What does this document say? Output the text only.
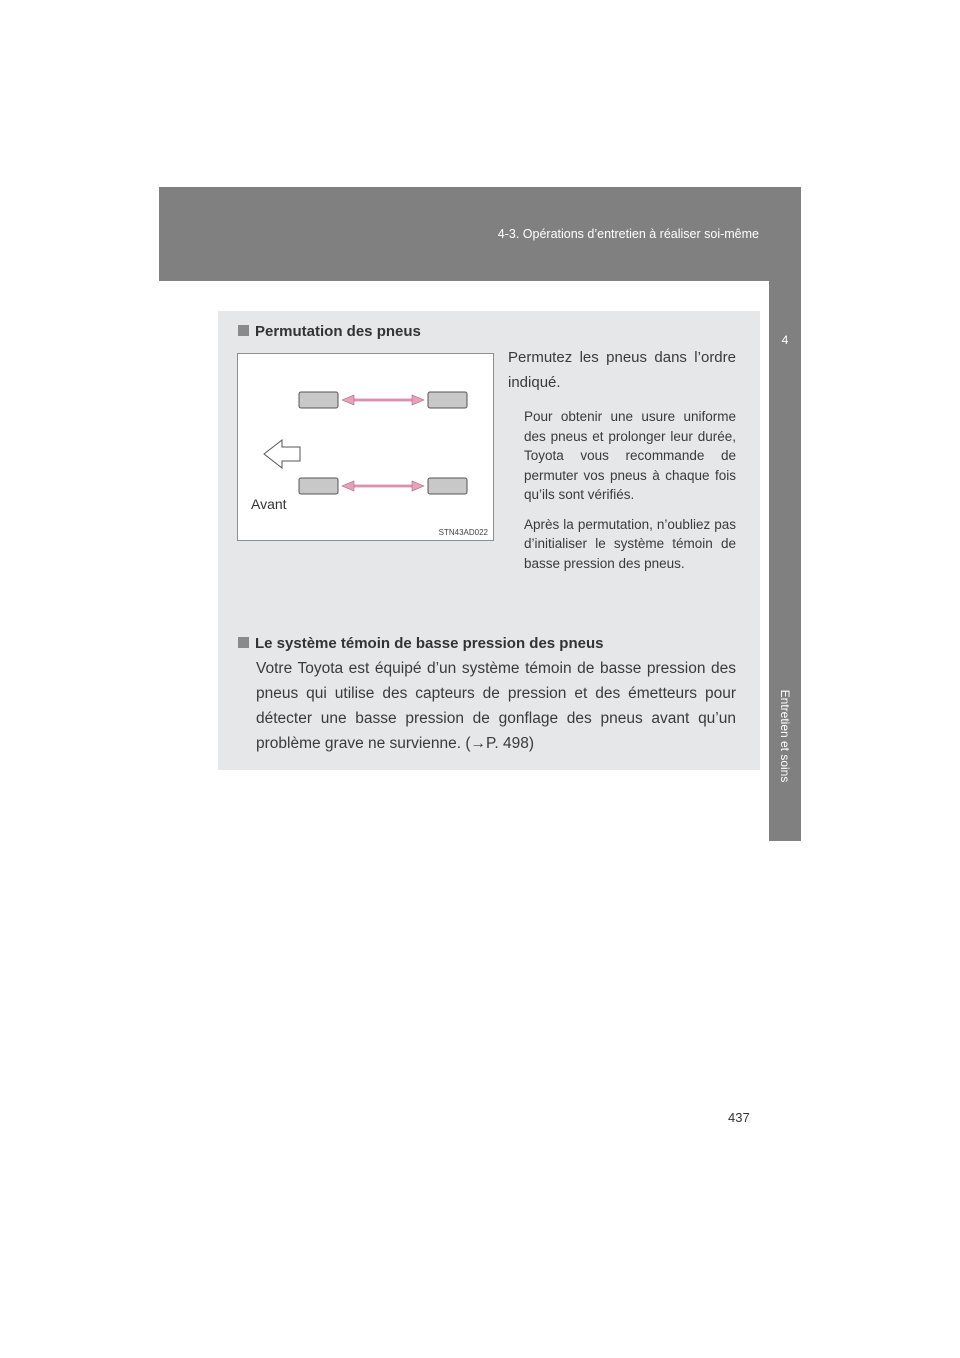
4-3. Opérations d’entretien à réaliser soi-même
4
Entretien et soins
Permutation des pneus
Avant
STN43AD022
Permutez les pneus dans l’ordre indiqué.

Pour obtenir une usure uniforme des pneus et prolonger leur durée, Toyota vous recommande de permuter vos pneus à chaque fois qu’ils sont vérifiés.

Après la permutation, n’oubliez pas d’initialiser le système témoin de basse pression des pneus.

Le système témoin de basse pression des pneus
Votre Toyota est équipé d’un système témoin de basse pression des pneus qui utilise des capteurs de pression et des émetteurs pour détecter une basse pression de gonflage des pneus avant qu’un problème grave ne survienne. (→P. 498)
437
